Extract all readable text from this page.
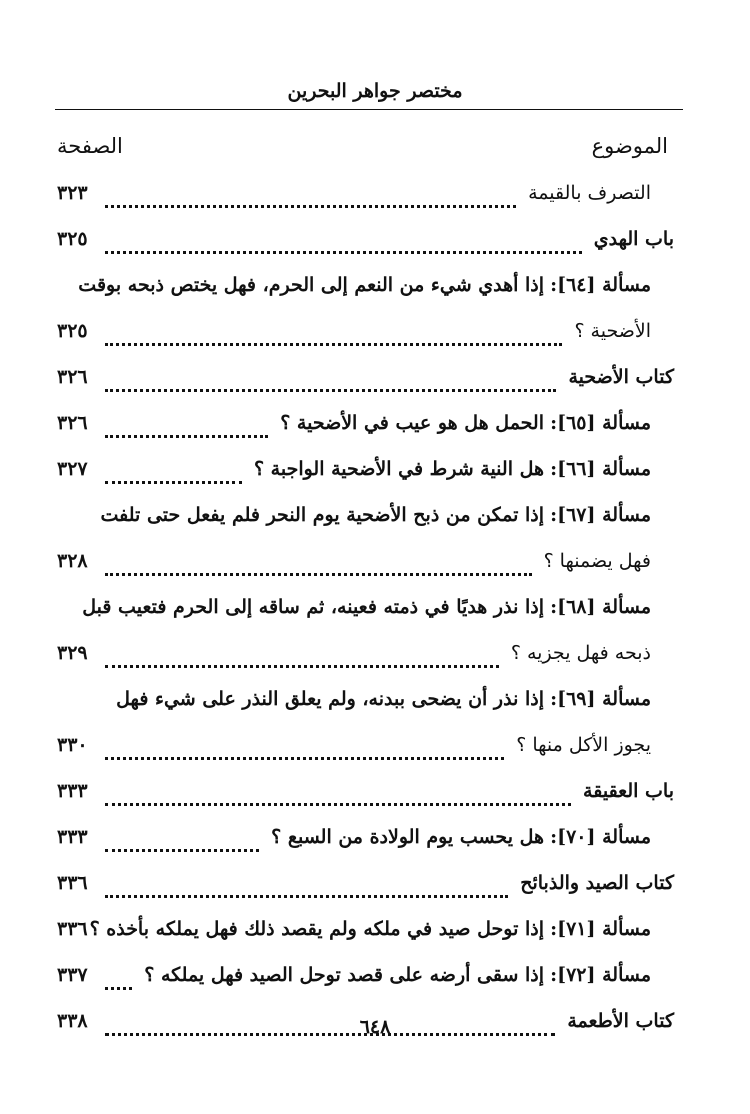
مختصر جواهر البحرين
الموضوع
الصفحة
التصرف بالقيمة
٣٢٣
باب الهدي
٣٢٥
مسألة [٦٤]: إذا أهدي شيء من النعم إلى الحرم، فهل يختص ذبحه بوقت
الأضحية ؟
٣٢٥
كتاب الأضحية
٣٢٦
مسألة [٦٥]: الحمل هل هو عيب في الأضحية ؟
٣٢٦
مسألة [٦٦]: هل النية شرط في الأضحية الواجبة ؟
٣٢٧
مسألة [٦٧]: إذا تمكن من ذبح الأضحية يوم النحر فلم يفعل حتى تلفت
فهل يضمنها ؟
٣٢٨
مسألة [٦٨]: إذا نذر هديًا في ذمته فعينه، ثم ساقه إلى الحرم فتعيب قبل
ذبحه فهل يجزيه ؟
٣٢٩
مسألة [٦٩]: إذا نذر أن يضحى ببدنه، ولم يعلق النذر على شيء فهل
يجوز الأكل منها ؟
٣٣٠
باب العقيقة
٣٣٣
مسألة [٧٠]: هل يحسب يوم الولادة من السبع ؟
٣٣٣
كتاب الصيد والذبائح
٣٣٦
مسألة [٧١]: إذا توحل صيد في ملكه ولم يقصد ذلك فهل يملكه بأخذه ؟
٣٣٦
مسألة [٧٢]: إذا سقى أرضه على قصد توحل الصيد فهل يملكه ؟
٣٣٧
كتاب الأطعمة
٣٣٨	٦٤٨
